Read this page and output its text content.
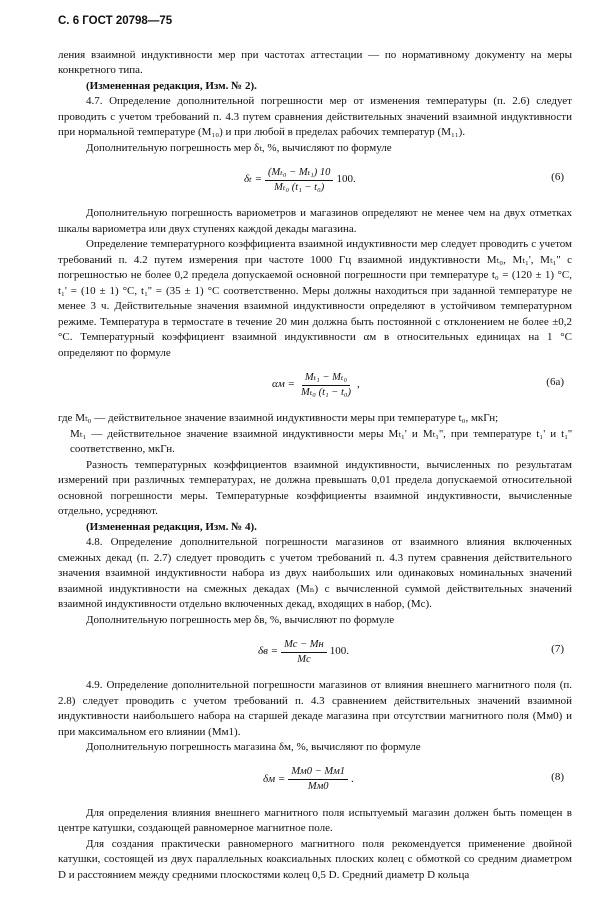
С. 6 ГОСТ 20798—75

ления взаимной индуктивности мер при частотах аттестации — по нормативному документу на меры конкретного типа.

(Измененная редакция, Изм. № 2).

4.7. Определение дополнительной погрешности мер от изменения температуры (п. 2.6) следует проводить с учетом требований п. 4.3 путем сравнения действительных значений взаимной индуктивности при нормальной температуре (M₁₀) и при любой в пределах рабочих температур (M₁₁).

Дополнительную погрешность мер δₜ, %, вычисляют по формуле

$\delta_t = \frac{\text{(Mₜ₀ − Mₜ₁) 10}}{\text{Mₜ₀ (t₁ − t₀)}} 100$.	(6)

Дополнительную погрешность вариометров и магазинов определяют не менее чем на двух отметках шкалы вариометра или двух ступенях каждой декады магазина.

Определение температурного коэффициента взаимной индуктивности мер следует проводить с учетом требований п. 4.2 путем измерения при частоте 1000 Гц взаимной индуктивности Mₜ₀, Mₜ₁', Mₜ₁'' с погрешностью не более 0,2 предела допускаемой основной погрешности при температуре t₀ = (120 ± 1) °С, t₁' = (10 ± 1) °С, t₁'' = (35 ± 1) °С соответственно. Меры должны находиться при заданной температуре не менее 3 ч. Действительные значения взаимной индуктивности определяют в устойчивом температурном режиме. Температура в термостате в течение 20 мин должна быть постоянной с отклонением не более ±0,2 °С. Температурный коэффициент взаимной индуктивности αм в относительных единицах на 1 °С определяют по формуле

$\alpha м = \frac{\text{Mₜ₁ − Mₜ₀}}{\text{Mₜ₀ (t₁ − t₀)}}$ ,	(6а)

где Mₜ₀ — действительное значение взаимной индуктивности меры при температуре t₀, мкГн;

Mₜ₁ — действительное значение взаимной индуктивности меры Mₜ₁' и Mₜ₁'', при температуре t₁' и t₁'' соответственно, мкГн.

Разность температурных коэффициентов взаимной индуктивности, вычисленных по результатам измерений при различных температурах, не должна превышать 0,01 предела допускаемой относительной основной погрешности меры. Температурные коэффициенты взаимной индуктивности, вычисленные отдельно, усредняют.

(Измененная редакция, Изм. № 4).

4.8. Определение дополнительной погрешности магазинов от взаимного влияния включенных смежных декад (п. 2.7) следует проводить с учетом требований п. 4.3 путем сравнения действительного значения взаимной индуктивности набора из двух наибольших или одинаковых номинальных значений взаимной индуктивности на смежных декадах (Mₙ) с вычисленной суммой действительных значений взаимной индуктивности отдельно включенных декад, входящих в набор, (Mс).

Дополнительную погрешность мер δв, %, вычисляют по формуле

$\delta в = \frac{Mс - Mн}{Mс} 100$.	(7)

4.9. Определение дополнительной погрешности магазинов от влияния внешнего магнитного поля (п. 2.8) следует проводить с учетом требований п. 4.3 сравнением действительных значений взаимной индуктивности наибольшего набора на старшей декаде магазина при отсутствии магнитного поля (Mм0) и при максимальном его влиянии (Mм1).

Дополнительную погрешность магазина δм, %, вычисляют по формуле

$\delta м = \frac{Mм0 - Mм1}{Mм0}$ .	(8)

Для определения влияния внешнего магнитного поля испытуемый магазин должен быть помещен в центре катушки, создающей равномерное магнитное поле.

Для создания практически равномерного магнитного поля рекомендуется применение двойной катушки, состоящей из двух параллельных коаксиальных плоских колец с обмоткой со средним диаметром D и расстоянием между средними плоскостями колец 0,5 D. Средний диаметр D кольца
